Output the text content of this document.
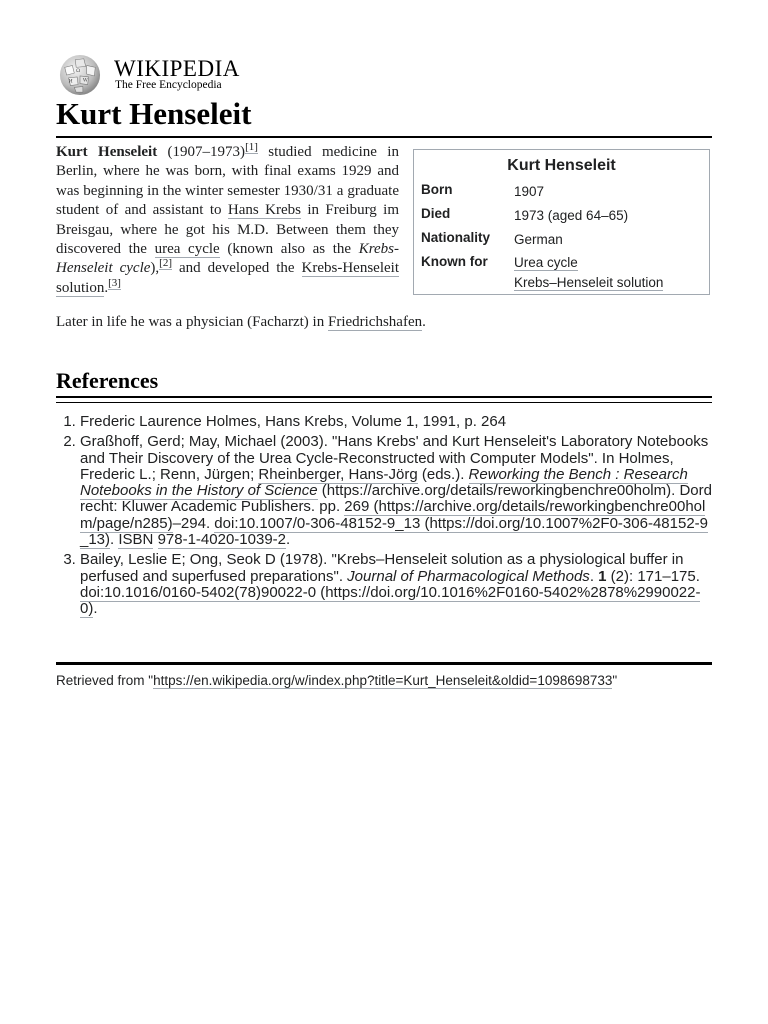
Ω
И W
WIKIPEDIA
The Free Encyclopedia
Kurt Henseleit

Kurt Henseleit (1907–1973)[1] studied medicine in Berlin, where he was born, with final exams 1929 and was beginning in the winter semester 1930/31 a graduate student of and assistant to Hans Krebs in Freiburg im Breisgau, where he got his M.D. Between them they discovered the urea cycle (known also as the Krebs-Henseleit cycle),[2] and developed the Krebs-Henseleit solution.[3]

Kurt Henseleit
Born	1907
Died	1973 (aged 64–65)
Nationality German
Known for Urea cycle
Krebs–Henseleit solution

Later in life he was a physician (Facharzt) in Friedrichshafen.

References
1. Frederic Laurence Holmes, Hans Krebs, Volume 1, 1991, p. 264
2. Graßhoff, Gerd; May, Michael (2003). "Hans Krebs' and Kurt Henseleit's Laboratory Notebooks and Their Discovery of the Urea Cycle-Reconstructed with Computer Models". In Holmes, Frederic L.; Renn, Jürgen; Rheinberger, Hans-Jörg (eds.). Reworking the Bench : Research Notebooks in the History of Science (https://archive.org/details/reworkingbenchre00holm). Dordrecht: Kluwer Academic Publishers. pp. 269 (https://archive.org/details/reworkingbenchre00holm/page/n285)–294. doi:10.1007/0-306-48152-9_13 (https://doi.org/10.1007%2F0-306-48152-9_13). ISBN 978-1-4020-1039-2.
3. Bailey, Leslie E; Ong, Seok D (1978). "Krebs–Henseleit solution as a physiological buffer in perfused and superfused preparations". Journal of Pharmacological Methods. 1 (2): 171–175. doi:10.1016/0160-5402(78)90022-0 (https://doi.org/10.1016%2F0160-5402%2878%2990022-0).
Retrieved from "https://en.wikipedia.org/w/index.php?title=Kurt_Henseleit&oldid=1098698733"
